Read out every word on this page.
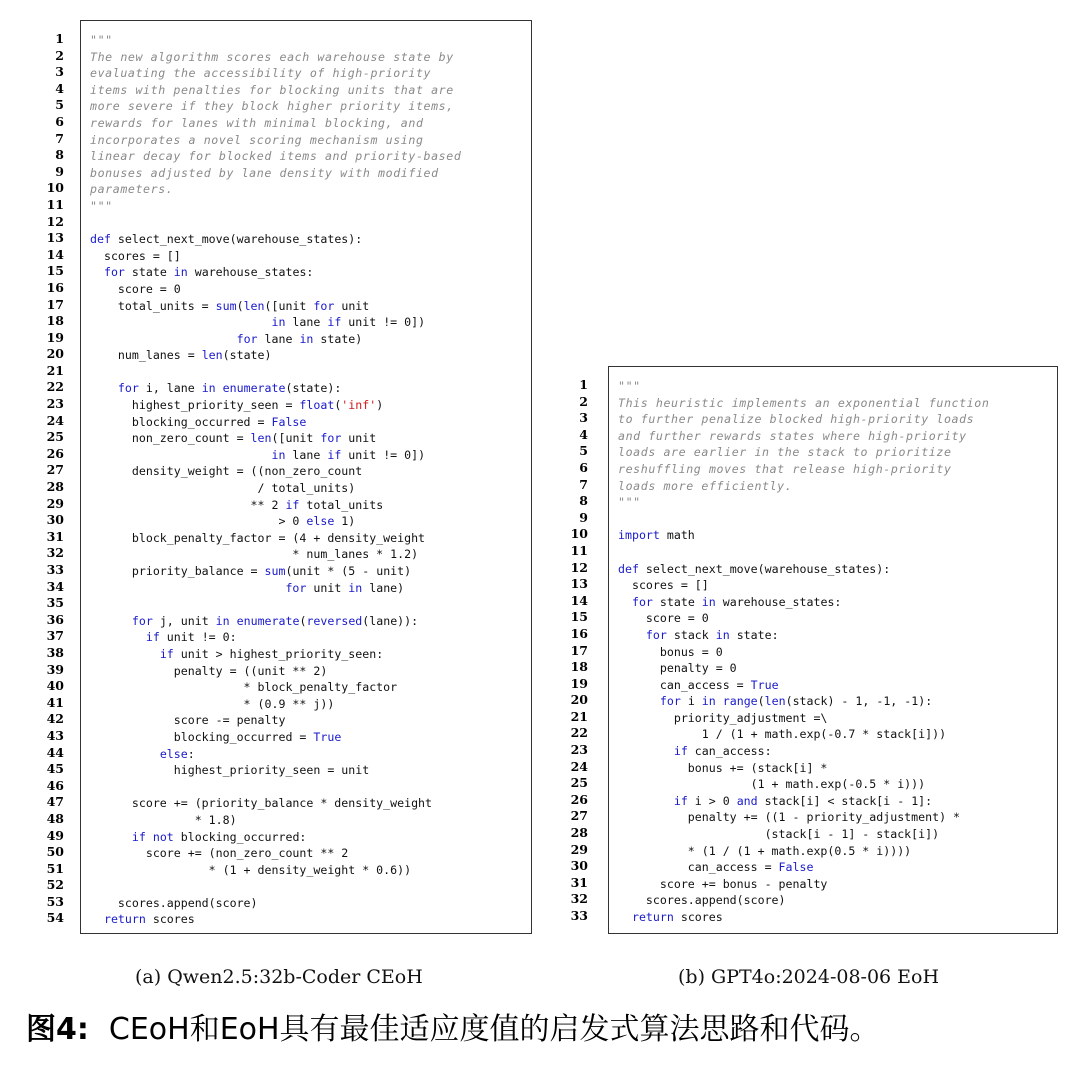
1
2
3
4
5
6
7
8
9
10
11
12
13
14
15
16
17
18
19
20
21
22
23
24
25
26
27
28
29
30
31
32
33
34
35
36
37
38
39
40
41
42
43
44
45
46
47
48
49
50
51
52
53
54
"""
The new algorithm scores each warehouse state by
evaluating the accessibility of high-priority
items with penalties for blocking units that are
more severe if they block higher priority items,
rewards for lanes with minimal blocking, and
incorporates a novel scoring mechanism using
linear decay for blocked items and priority-based
bonuses adjusted by lane density with modified
parameters.
"""

def select_next_move(warehouse_states):
scores = []
for state in warehouse_states:
score = 0
total_units = sum(len([unit for unit
in lane if unit != 0])
for lane in state)
num_lanes = len(state)

for i, lane in enumerate(state):
highest_priority_seen = float('inf')
blocking_occurred = False
non_zero_count = len([unit for unit
in lane if unit != 0])
density_weight = ((non_zero_count
/ total_units)
** 2 if total_units
> 0 else 1)
block_penalty_factor = (4 + density_weight
* num_lanes * 1.2)
priority_balance = sum(unit * (5 - unit)
for unit in lane)

for j, unit in enumerate(reversed(lane)):
if unit != 0:
if unit > highest_priority_seen:
penalty = ((unit ** 2)
* block_penalty_factor
* (0.9 ** j))
score -= penalty
blocking_occurred = True
else:
highest_priority_seen = unit

score += (priority_balance * density_weight
* 1.8)
if not blocking_occurred:
score += (non_zero_count ** 2
* (1 + density_weight * 0.6))

scores.append(score)
return scores

1
2
3
4
5
6
7
8
9
10
11
12
13
14
15
16
17
18
19
20
21
22
23
24
25
26
27
28
29
30
31
32
33
"""
This heuristic implements an exponential function
to further penalize blocked high-priority loads
and further rewards states where high-priority
loads are earlier in the stack to prioritize
reshuffling moves that release high-priority
loads more efficiently.
"""

import math

def select_next_move(warehouse_states):
scores = []
for state in warehouse_states:
score = 0
for stack in state:
bonus = 0
penalty = 0
can_access = True
for i in range(len(stack) - 1, -1, -1):
priority_adjustment =\
1 / (1 + math.exp(-0.7 * stack[i]))
if can_access:
bonus += (stack[i] *
(1 + math.exp(-0.5 * i)))
if i > 0 and stack[i] < stack[i - 1]:
penalty += ((1 - priority_adjustment) *
(stack[i - 1] - stack[i])
* (1 / (1 + math.exp(0.5 * i))))
can_access = False
score += bonus - penalty
scores.append(score)
return scores

(a) Qwen2.5:32b-Coder CEoH	(b) GPT4o:2024-08-06 EoH
图4: CEoH和EoH具有最佳适应度值的启发式算法思路和代码。
